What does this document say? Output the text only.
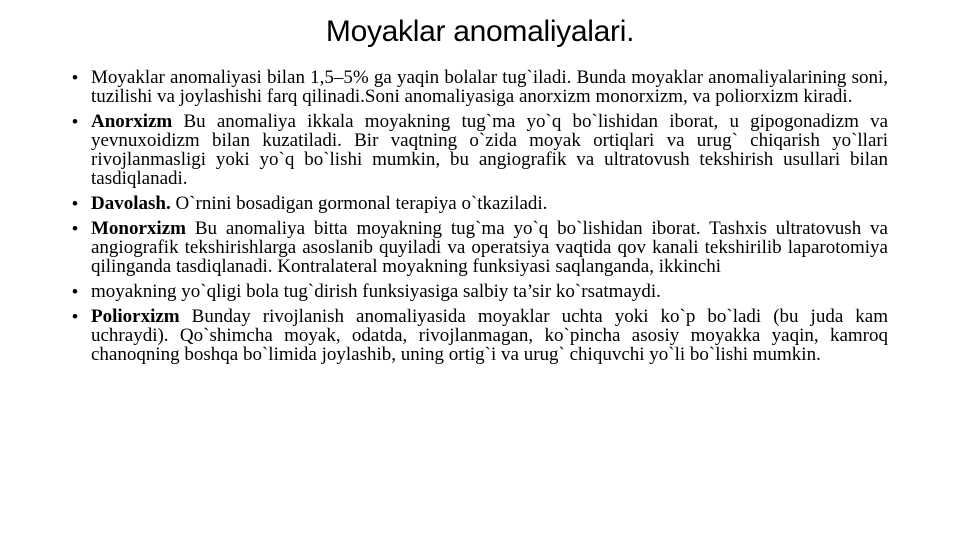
Moyaklar anomaliyalari.
• Moyaklar anomaliyasi bilan 1,5–5% ga yaqin bolalar tug`iladi. Bunda moyaklar anomaliyalarining soni, tuzilishi va joylashishi farq qilinadi.Soni anomaliyasiga anorxizm monorxizm, va poliorxizm kiradi.
• Anorxizm Bu anomaliya ikkala moyakning tug`ma yo`q bo`lishidan iborat, u gipogonadizm va yevnuxoidizm bilan kuzatiladi. Bir vaqtning o`zida moyak ortiqlari va urug` chiqarish yo`llari rivojlanmasligi yoki yo`q bo`lishi mumkin, bu angiografik va ultratovush tekshirish usullari bilan tasdiqlanadi.
• Davolash. O`rnini bosadigan gormonal terapiya o`tkaziladi.
• Monorxizm Bu anomaliya bitta moyakning tug`ma yo`q bo`lishidan iborat. Tashxis ultratovush va angiografik tekshirishlarga asoslanib quyiladi va operatsiya vaqtida qov kanali tekshirilib laparotomiya qilinganda tasdiqlanadi. Kontralateral moyakning funksiyasi saqlanganda, ikkinchi
• moyakning yo`qligi bola tug`dirish funksiyasiga salbiy ta’sir ko`rsatmaydi.
• Poliorxizm Bunday rivojlanish anomaliyasida moyaklar uchta yoki ko`p bo`ladi (bu juda kam uchraydi). Qo`shimcha moyak, odatda, rivojlanmagan, ko`pincha asosiy moyakka yaqin, kamroq chanoqning boshqa bo`limida joylashib, uning ortig`i va urug` chiquvchi yo`li bo`lishi mumkin.
